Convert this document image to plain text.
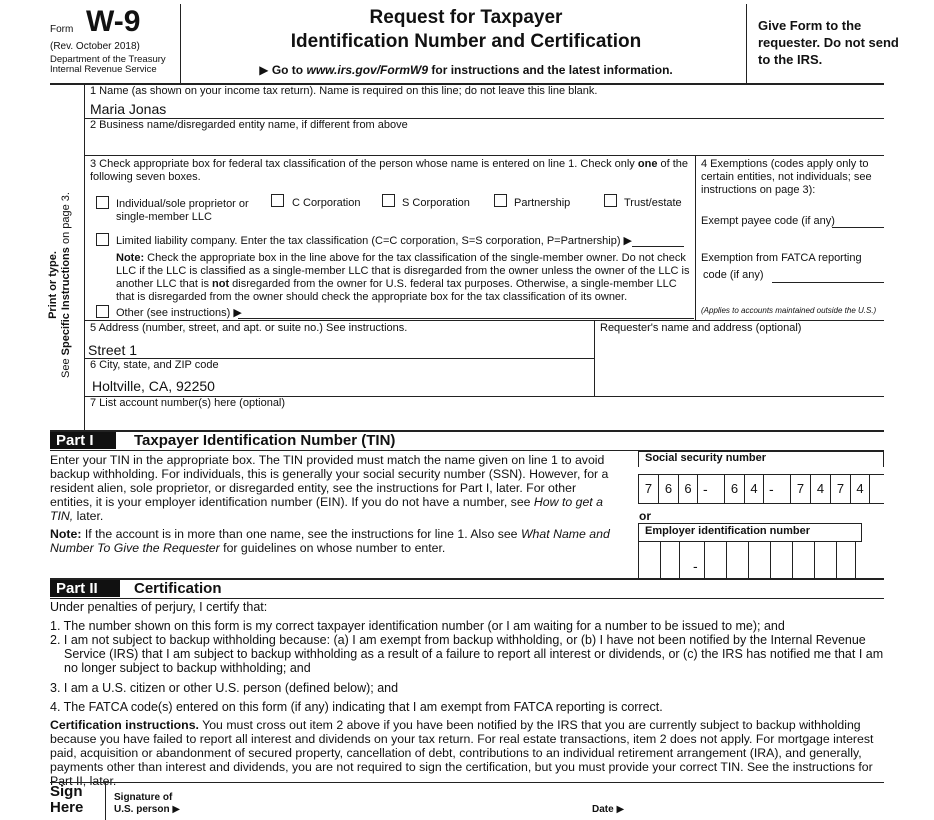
Form W-9
(Rev. October 2018)
Department of the Treasury
Internal Revenue Service
Request for Taxpayer
Identification Number and Certification
▶ Go to www.irs.gov/FormW9 for instructions and the latest information.
Give Form to the requester. Do not send to the IRS.
Print or type.
See Specific Instructions on page 3.
1 Name (as shown on your income tax return). Name is required on this line; do not leave this line blank.
Maria Jonas
2 Business name/disregarded entity name, if different from above
3 Check appropriate box for federal tax classification of the person whose name is entered on line 1. Check only one of the following seven boxes.
Individual/sole proprietor or single-member LLC
C Corporation	S Corporation	Partnership	Trust/estate
Limited liability company. Enter the tax classification (C=C corporation, S=S corporation, P=Partnership) ▶
Note: Check the appropriate box in the line above for the tax classification of the single-member owner. Do not check LLC if the LLC is classified as a single-member LLC that is disregarded from the owner unless the owner of the LLC is another LLC that is not disregarded from the owner for U.S. federal tax purposes. Otherwise, a single-member LLC that is disregarded from the owner should check the appropriate box for the tax classification of its owner.
Other (see instructions) ▶
4 Exemptions (codes apply only to certain entities, not individuals; see instructions on page 3):
Exempt payee code (if any)
Exemption from FATCA reporting
code (if any)
(Applies to accounts maintained outside the U.S.)
5 Address (number, street, and apt. or suite no.) See instructions.
Street 1
Requester's name and address (optional)
6 City, state, and ZIP code
Holtville, CA, 92250
7 List account number(s) here (optional)
Part I	Taxpayer Identification Number (TIN)
Enter your TIN in the appropriate box. The TIN provided must match the name given on line 1 to avoid backup withholding. For individuals, this is generally your social security number (SSN). However, for a resident alien, sole proprietor, or disregarded entity, see the instructions for Part I, later. For other entities, it is your employer identification number (EIN). If you do not have a number, see How to get a TIN, later.
Note: If the account is in more than one name, see the instructions for line 1. Also see What Name and Number To Give the Requester for guidelines on whose number to enter.
Social security number
7 6 6 -	6 4 -	7 4 7 4
or
Employer identification number
-
Part II	Certification
Under penalties of perjury, I certify that:
1. The number shown on this form is my correct taxpayer identification number (or I am waiting for a number to be issued to me); and
2. I am not subject to backup withholding because: (a) I am exempt from backup withholding, or (b) I have not been notified by the Internal Revenue
Service (IRS) that I am subject to backup withholding as a result of a failure to report all interest or dividends, or (c) the IRS has notified me that I am
no longer subject to backup withholding; and
3. I am a U.S. citizen or other U.S. person (defined below); and
4. The FATCA code(s) entered on this form (if any) indicating that I am exempt from FATCA reporting is correct.
Certification instructions. You must cross out item 2 above if you have been notified by the IRS that you are currently subject to backup withholding because you have failed to report all interest and dividends on your tax return. For real estate transactions, item 2 does not apply. For mortgage interest paid, acquisition or abandonment of secured property, cancellation of debt, contributions to an individual retirement arrangement (IRA), and generally, payments other than interest and dividends, you are not required to sign the certification, but you must provide your correct TIN. See the instructions for Part II, later.
Sign
Here
Signature of
U.S. person ▶	Date ▶
